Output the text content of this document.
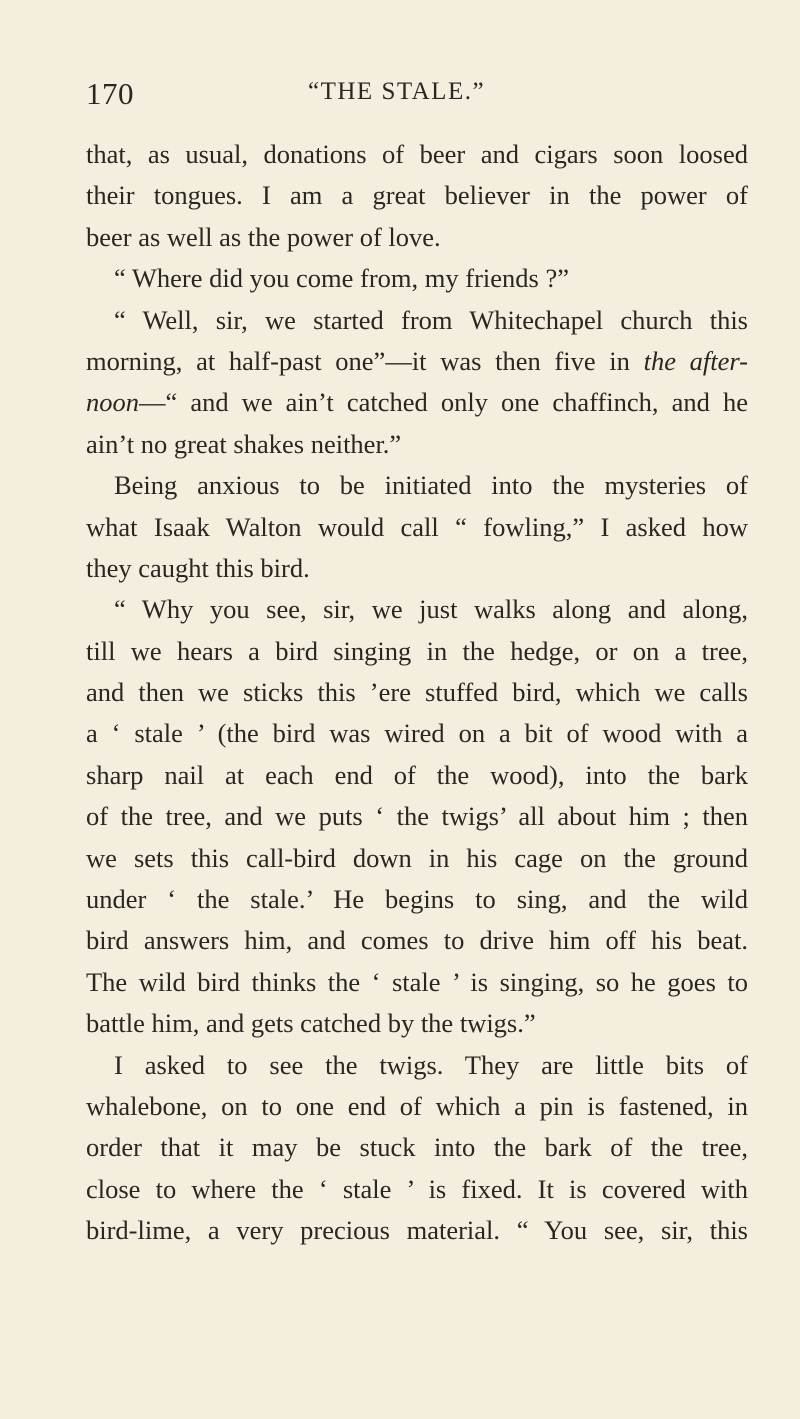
170	“THE STALE.”
that, as usual, donations of beer and cigars soon loosed
their tongues. I am a great believer in the power of
beer as well as the power of love.
“ Where did you come from, my friends ?”
“ Well, sir, we started from Whitechapel church this
morning, at half-past one”—it was then five in the after-
noon—“ and we ain’t catched only one chaffinch, and he
ain’t no great shakes neither.”
Being anxious to be initiated into the mysteries of
what Isaak Walton would call “ fowling,” I asked how
they caught this bird.
“ Why you see, sir, we just walks along and along,
till we hears a bird singing in the hedge, or on a tree,
and then we sticks this ’ere stuffed bird, which we calls
a ‘ stale ’ (the bird was wired on a bit of wood with a
sharp nail at each end of the wood), into the bark
of the tree, and we puts ‘ the twigs’ all about him ; then
we sets this call-bird down in his cage on the ground
under ‘ the stale.’ He begins to sing, and the wild
bird answers him, and comes to drive him off his beat.
The wild bird thinks the ‘ stale ’ is singing, so he goes to
battle him, and gets catched by the twigs.”
I asked to see the twigs. They are little bits of
whalebone, on to one end of which a pin is fastened, in
order that it may be stuck into the bark of the tree,
close to where the ‘ stale ’ is fixed. It is covered with
bird-lime, a very precious material. “ You see, sir, this
